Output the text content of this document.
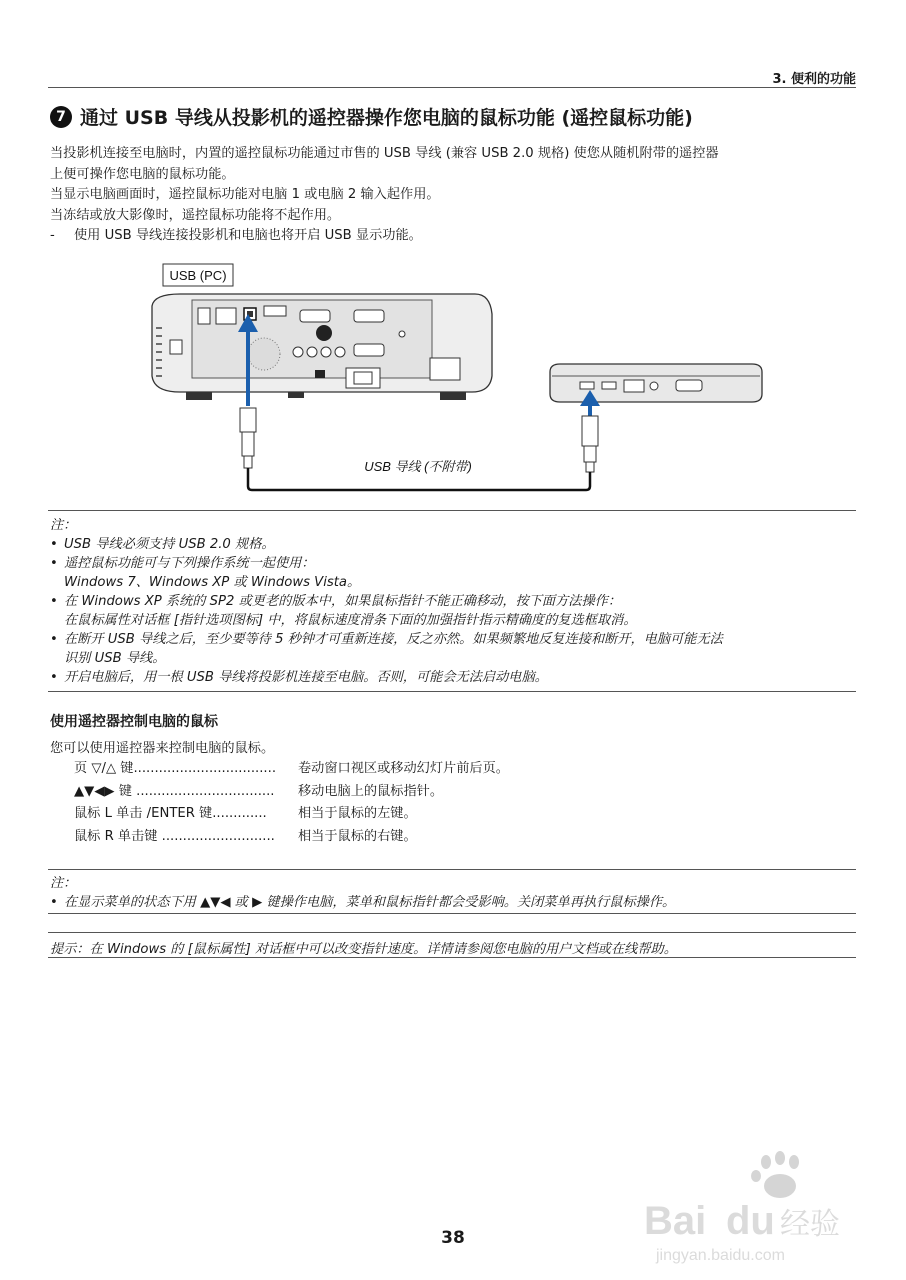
3. 便利的功能
7 通过 USB 导线从投影机的遥控器操作您电脑的鼠标功能 (遥控鼠标功能)

当投影机连接至电脑时，内置的遥控鼠标功能通过市售的 USB 导线 (兼容 USB 2.0 规格) 使您从随机附带的遥控器

上便可操作您电脑的鼠标功能。

当显示电脑画面时，遥控鼠标功能对电脑 1 或电脑 2 输入起作用。

当冻结或放大影像时，遥控鼠标功能将不起作用。

-	使用 USB 导线连接投影机和电脑也将开启 USB 显示功能。
USB (PC)
USB 导线 (不附带)

注：

• USB 导线必须支持 USB 2.0 规格。
• 遥控鼠标功能可与下列操作系统一起使用：

Windows 7、Windows XP 或 Windows Vista。

• 在 Windows XP 系统的 SP2 或更老的版本中，如果鼠标指针不能正确移动，按下面方法操作：

在鼠标属性对话框 [指针选项图标] 中，将鼠标速度滑条下面的加强指针指示精确度的复选框取消。

• 在断开 USB 导线之后，至少要等待 5 秒钟才可重新连接，反之亦然。如果频繁地反复连接和断开，电脑可能无法

识别 USB 导线。

• 开启电脑后，用一根 USB 导线将投影机连接至电脑。否则，可能会无法启动电脑。
使用遥控器控制电脑的鼠标
您可以使用遥控器来控制电脑的鼠标。
页 ▽/△ 键..................................	卷动窗口视区或移动幻灯片前后页。
▲▼◀▶ 键 .................................	移动电脑上的鼠标指针。
鼠标 L 单击 /ENTER 键.............	相当于鼠标的左键。
鼠标 R 单击键 ...........................	相当于鼠标的右键。

注：

• 在显示菜单的状态下用 ▲▼◀ 或 ▶ 键操作电脑，菜单和鼠标指针都会受影响。关闭菜单再执行鼠标操作。
提示：在 Windows 的 [鼠标属性] 对话框中可以改变指针速度。详情请参阅您电脑的用户文档或在线帮助。
Bai du 经验
jingyan.baidu.com
38
